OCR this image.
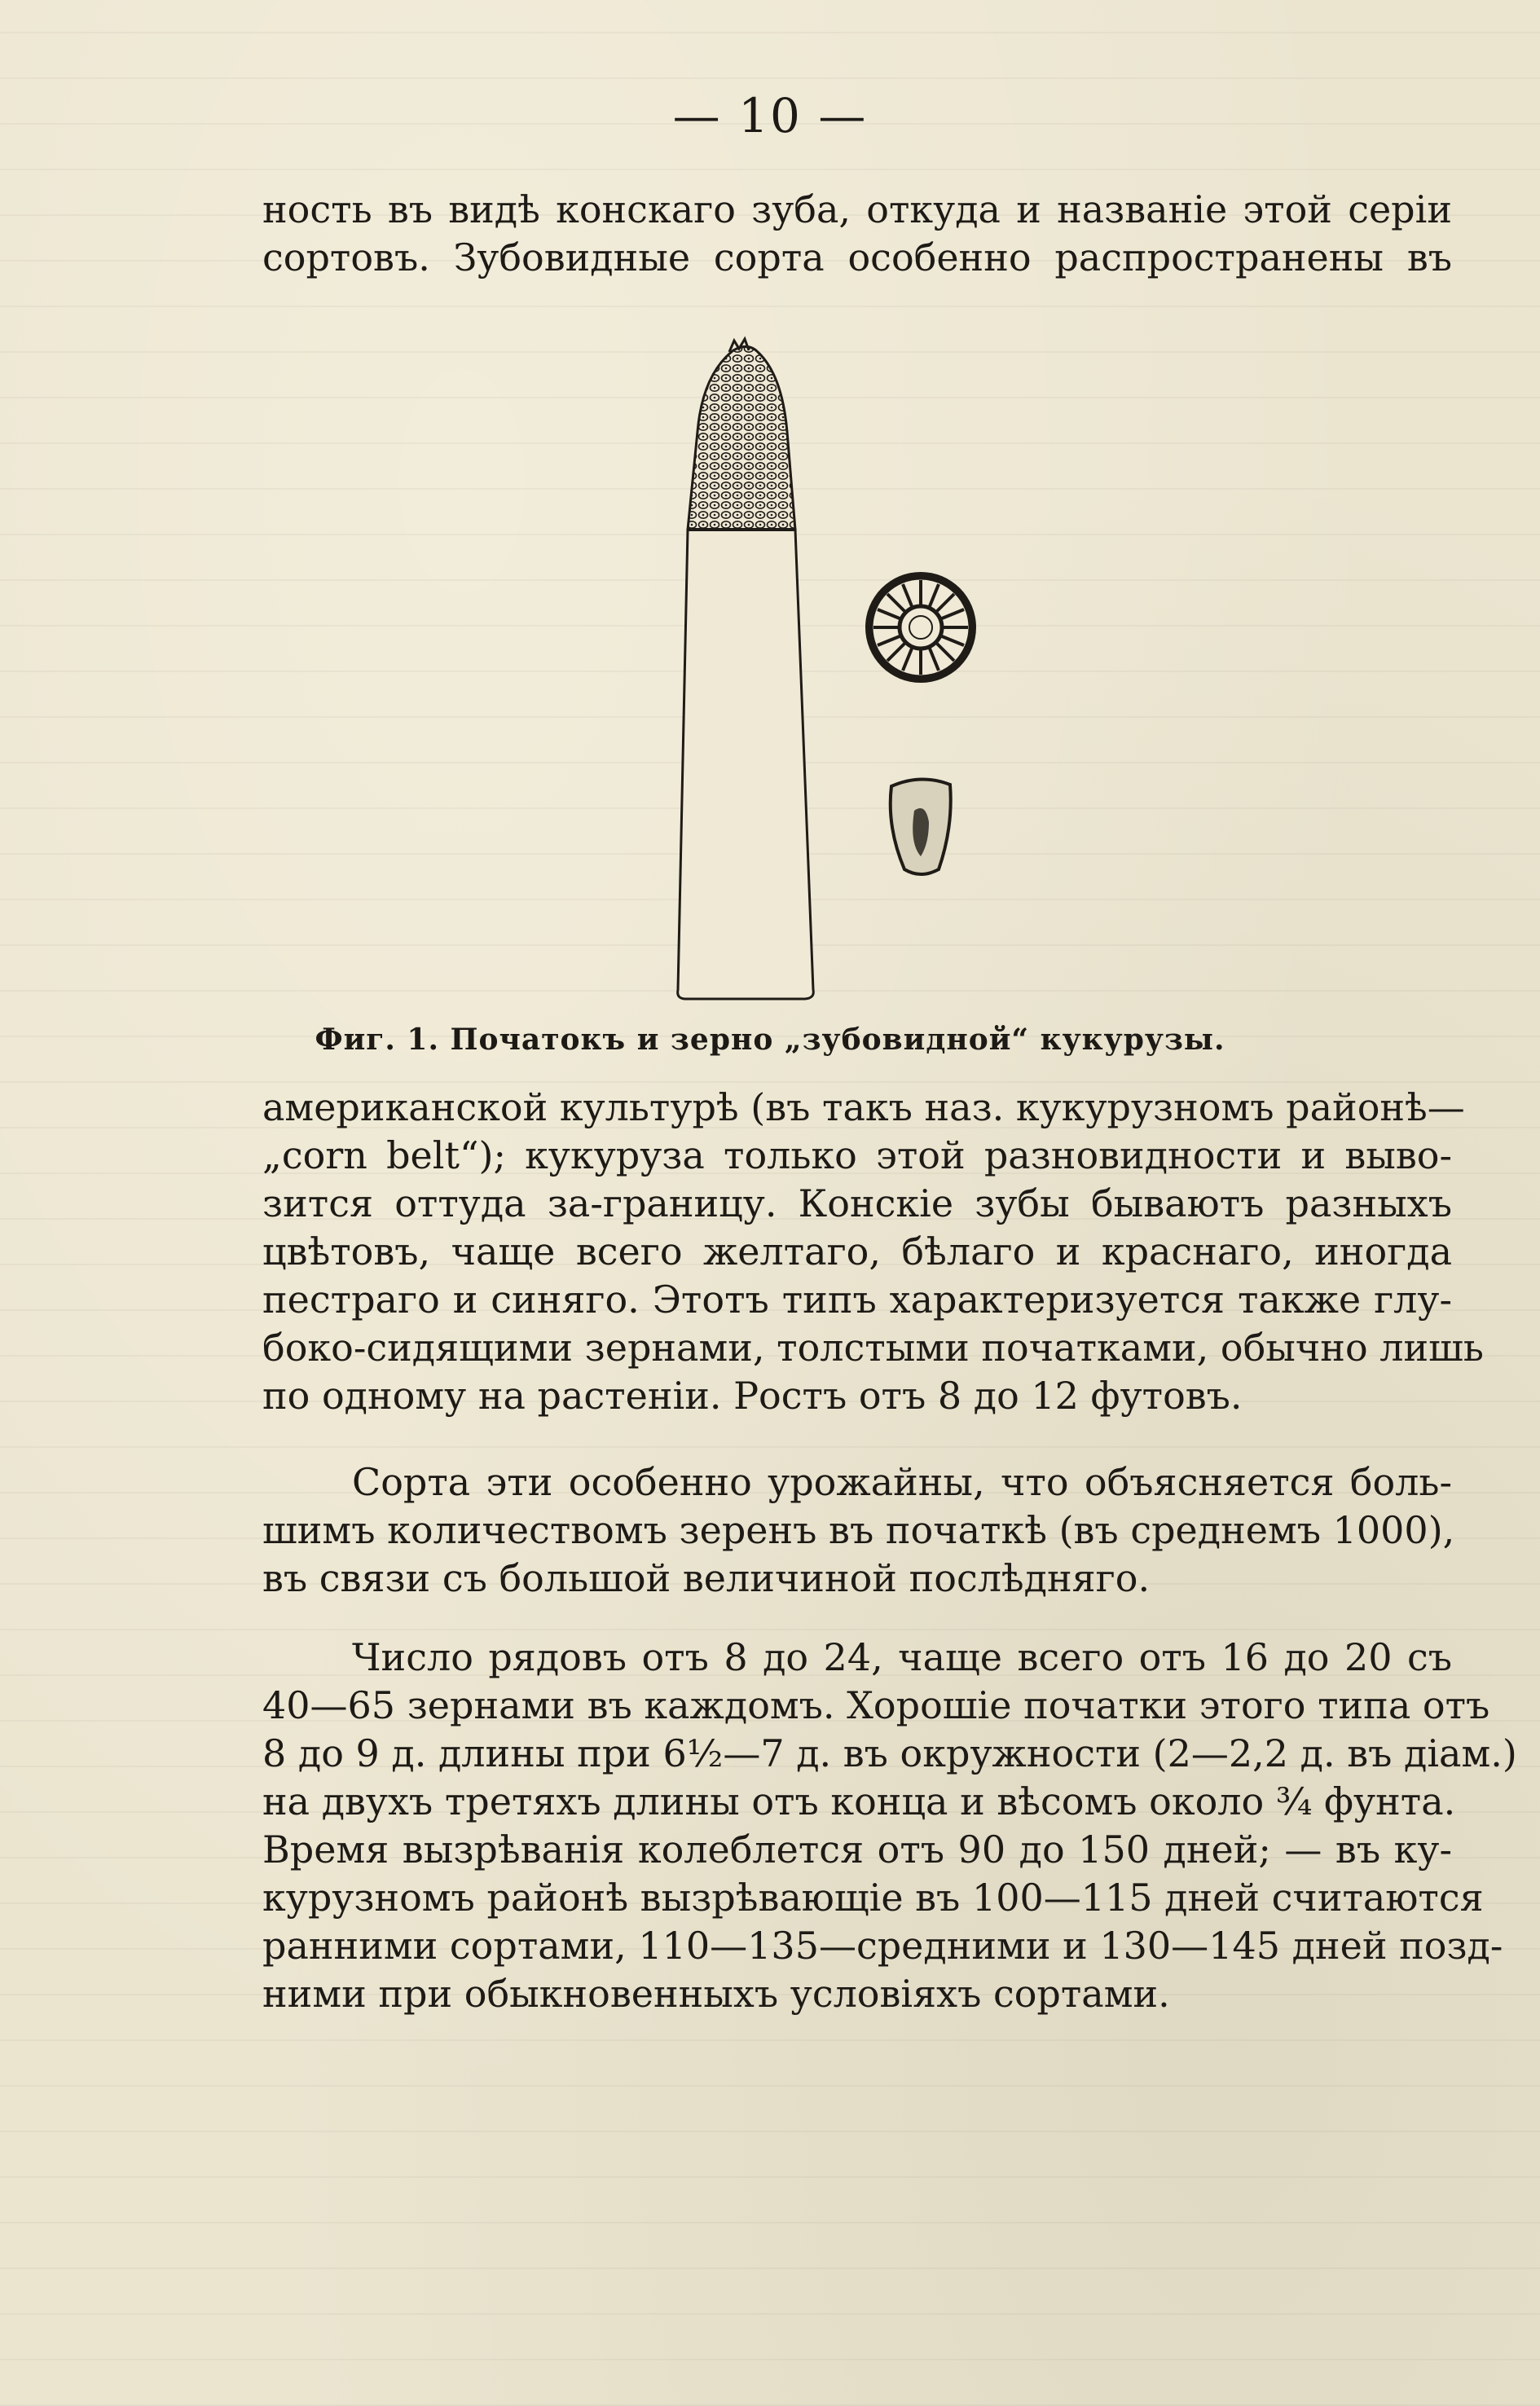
— 10 —
ность въ видѣ конскаго зуба, откуда и названіе этой серіи
сортовъ. Зубовидные сорта особенно распространены въ
Фиг. 1. Початокъ и зерно „зубовидной“ кукурузы.
американской культурѣ (въ такъ наз. кукурузномъ районѣ—
„corn belt“); кукуруза только этой разновидности и выво-
зится оттуда за-границу. Конскіе зубы бываютъ разныхъ
цвѣтовъ, чаще всего желтаго, бѣлаго и краснаго, иногда
пестраго и синяго. Этотъ типъ характеризуется также глу-
боко-сидящими зернами, толстыми початками, обычно лишь
по одному на растеніи. Ростъ отъ 8 до 12 футовъ.
Сорта эти особенно урожайны, что объясняется боль-
шимъ количествомъ зеренъ въ початкѣ (въ среднемъ 1000),
въ связи съ большой величиной послѣдняго.
Число рядовъ отъ 8 до 24, чаще всего отъ 16 до 20 съ
40—65 зернами въ каждомъ. Хорошіе початки этого типа отъ
8 до 9 д. длины при 6½—7 д. въ окружности (2—2,2 д. въ діам.)
на двухъ третяхъ длины отъ конца и вѣсомъ около ¾ фунта.
Время вызрѣванія колеблется отъ 90 до 150 дней; — въ ку-
курузномъ районѣ вызрѣвающіе въ 100—115 дней считаются
ранними сортами, 110—135—средними и 130—145 дней позд-
ними при обыкновенныхъ условіяхъ сортами.
